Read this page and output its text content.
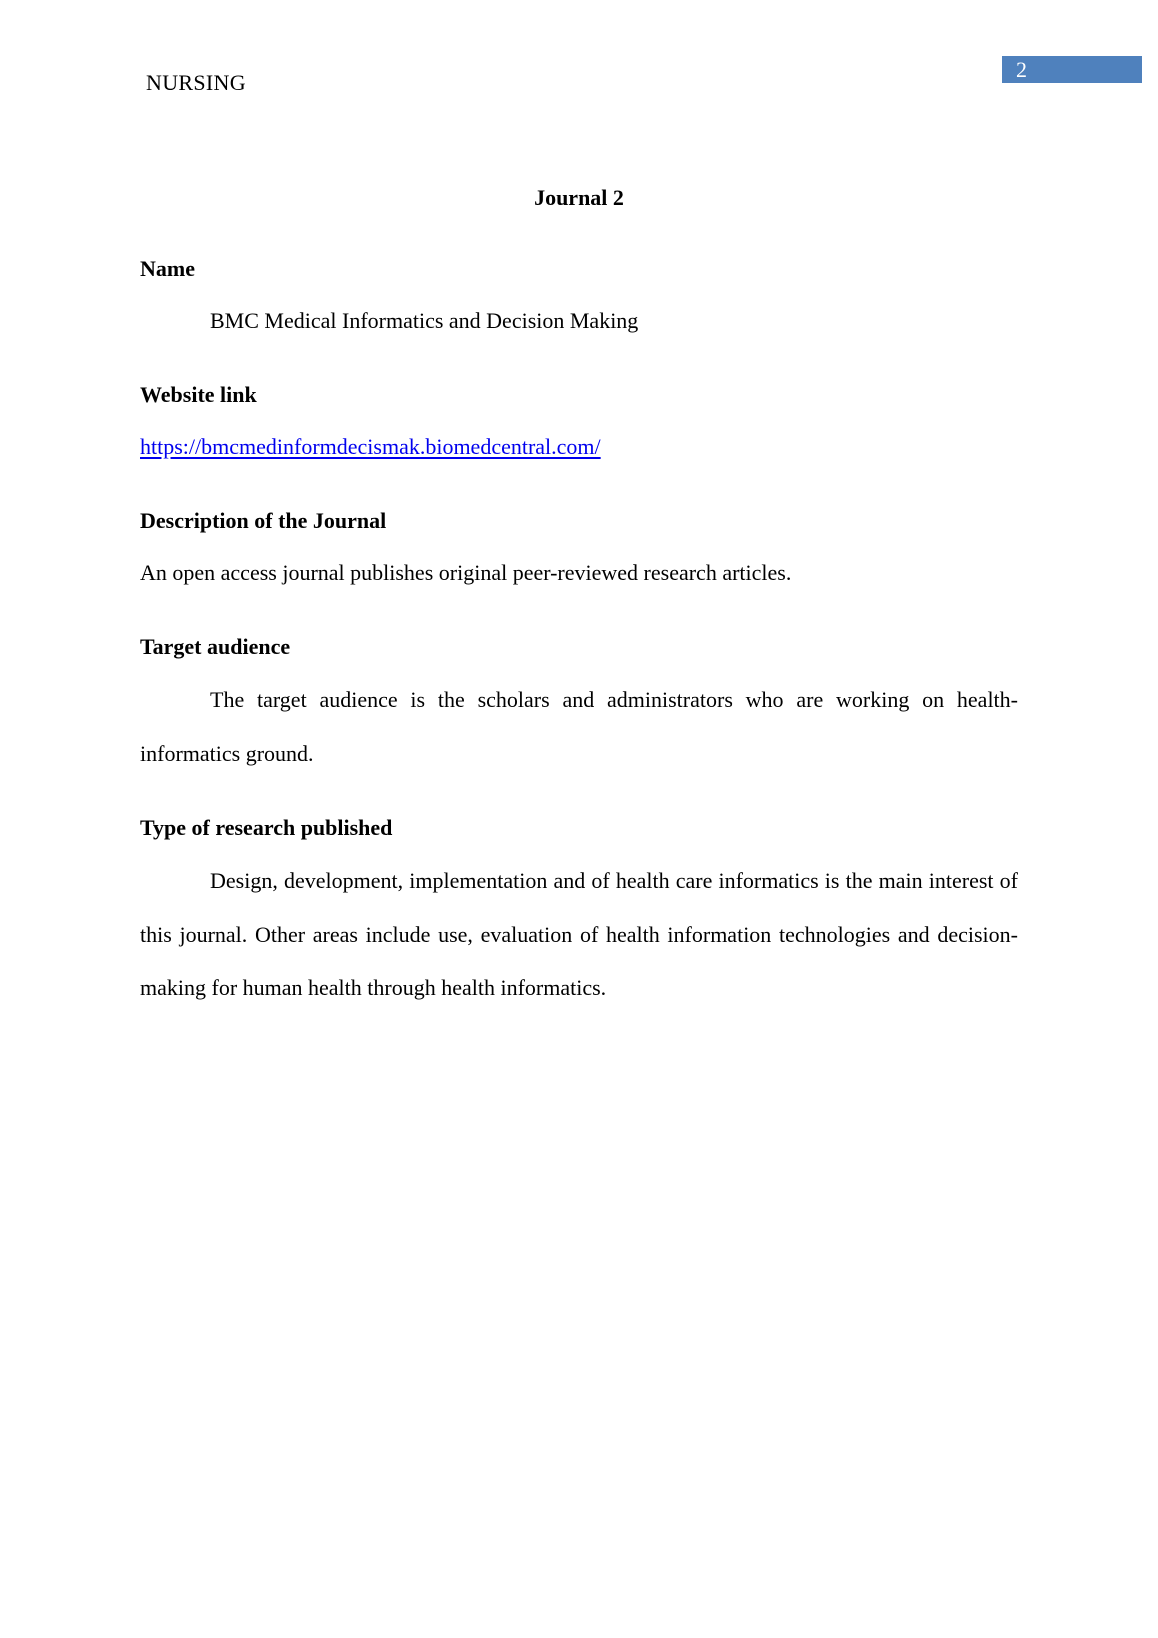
NURSING
2
Journal 2
Name
BMC Medical Informatics and Decision Making
Website link
https://bmcmedinformdecismak.biomedcentral.com/
Description of the Journal
An open access journal publishes original peer-reviewed research articles.
Target audience
The target audience is the scholars and administrators who are working on health-informatics ground.
Type of research published
Design, development, implementation and of health care informatics is the main interest of this journal. Other areas include use, evaluation of health information technologies and decision-making for human health through health informatics.
